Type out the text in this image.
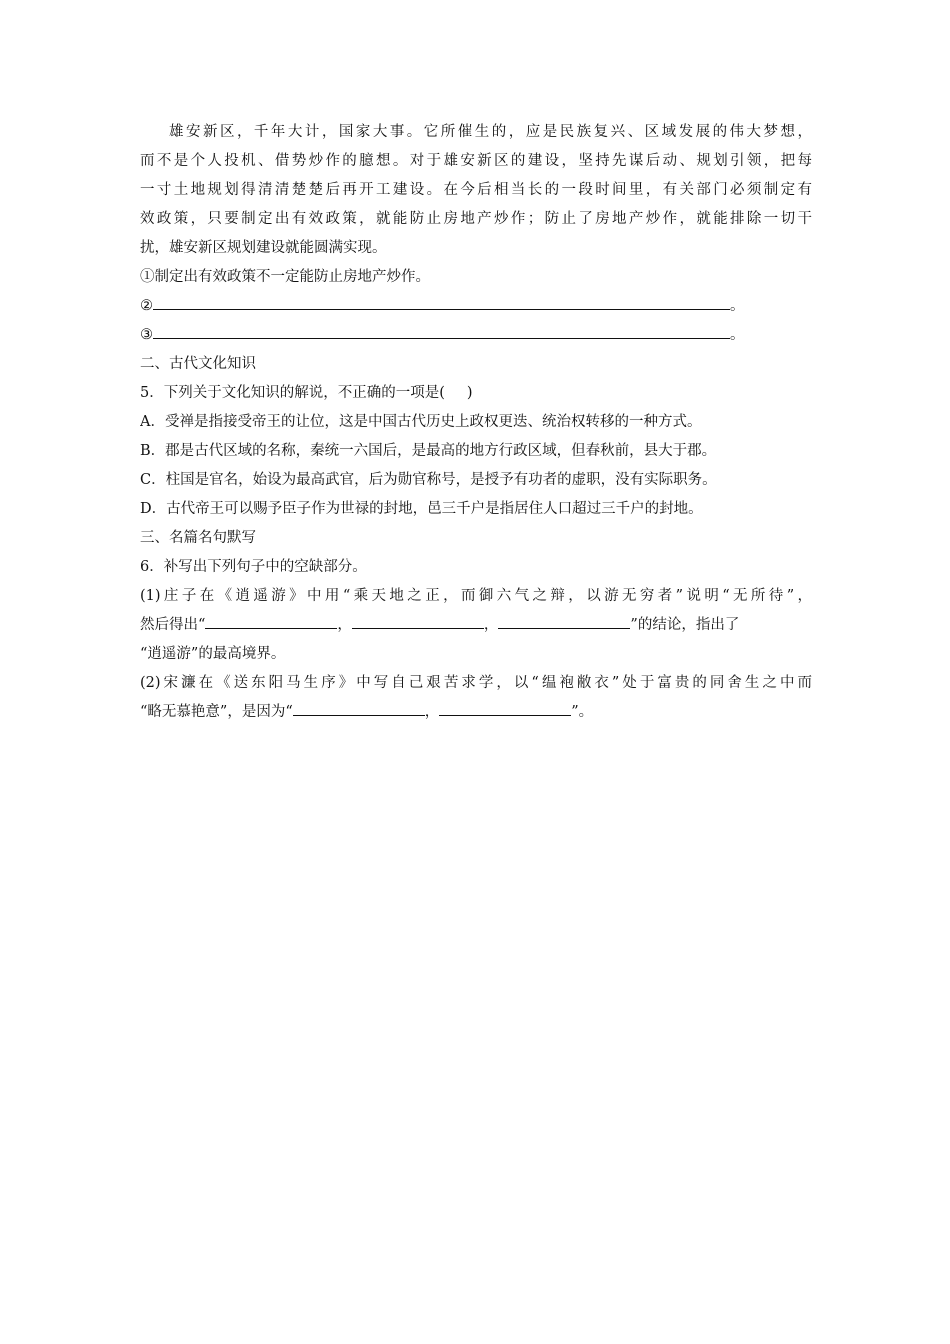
雄安新区，千年大计，国家大事。它所催生的，应是民族复兴、区域发展的伟大梦想，
而不是个人投机、借势炒作的臆想。对于雄安新区的建设，坚持先谋后动、规划引领，把每
一寸土地规划得清清楚楚后再开工建设。在今后相当长的一段时间里，有关部门必须制定有
效政策，只要制定出有效政策，就能防止房地产炒作；防止了房地产炒作，就能排除一切干
扰，雄安新区规划建设就能圆满实现。
①制定出有效政策不一定能防止房地产炒作。
②	。
③	。
二、古代文化知识
5．下列关于文化知识的解说，不正确的一项是( )
A．受禅是指接受帝王的让位，这是中国古代历史上政权更迭、统治权转移的一种方式。
B．郡是古代区域的名称，秦统一六国后，是最高的地方行政区域，但春秋前，县大于郡。
C．柱国是官名，始设为最高武官，后为勋官称号，是授予有功者的虚职，没有实际职务。
D．古代帝王可以赐予臣子作为世禄的封地，邑三千户是指居住人口超过三千户的封地。
三、名篇名句默写
6．补写出下列句子中的空缺部分。
(1)庄子在《逍遥游》中用“乘天地之正，而御六气之辩，以游无穷者”说明“无所待”，
然后得出“	，	，	”的结论，指出了
“逍遥游”的最高境界。
(2)宋濂在《送东阳马生序》中写自己艰苦求学，以“缊袍敝衣”处于富贵的同舍生之中而
“略无慕艳意”，是因为“	，	”。
